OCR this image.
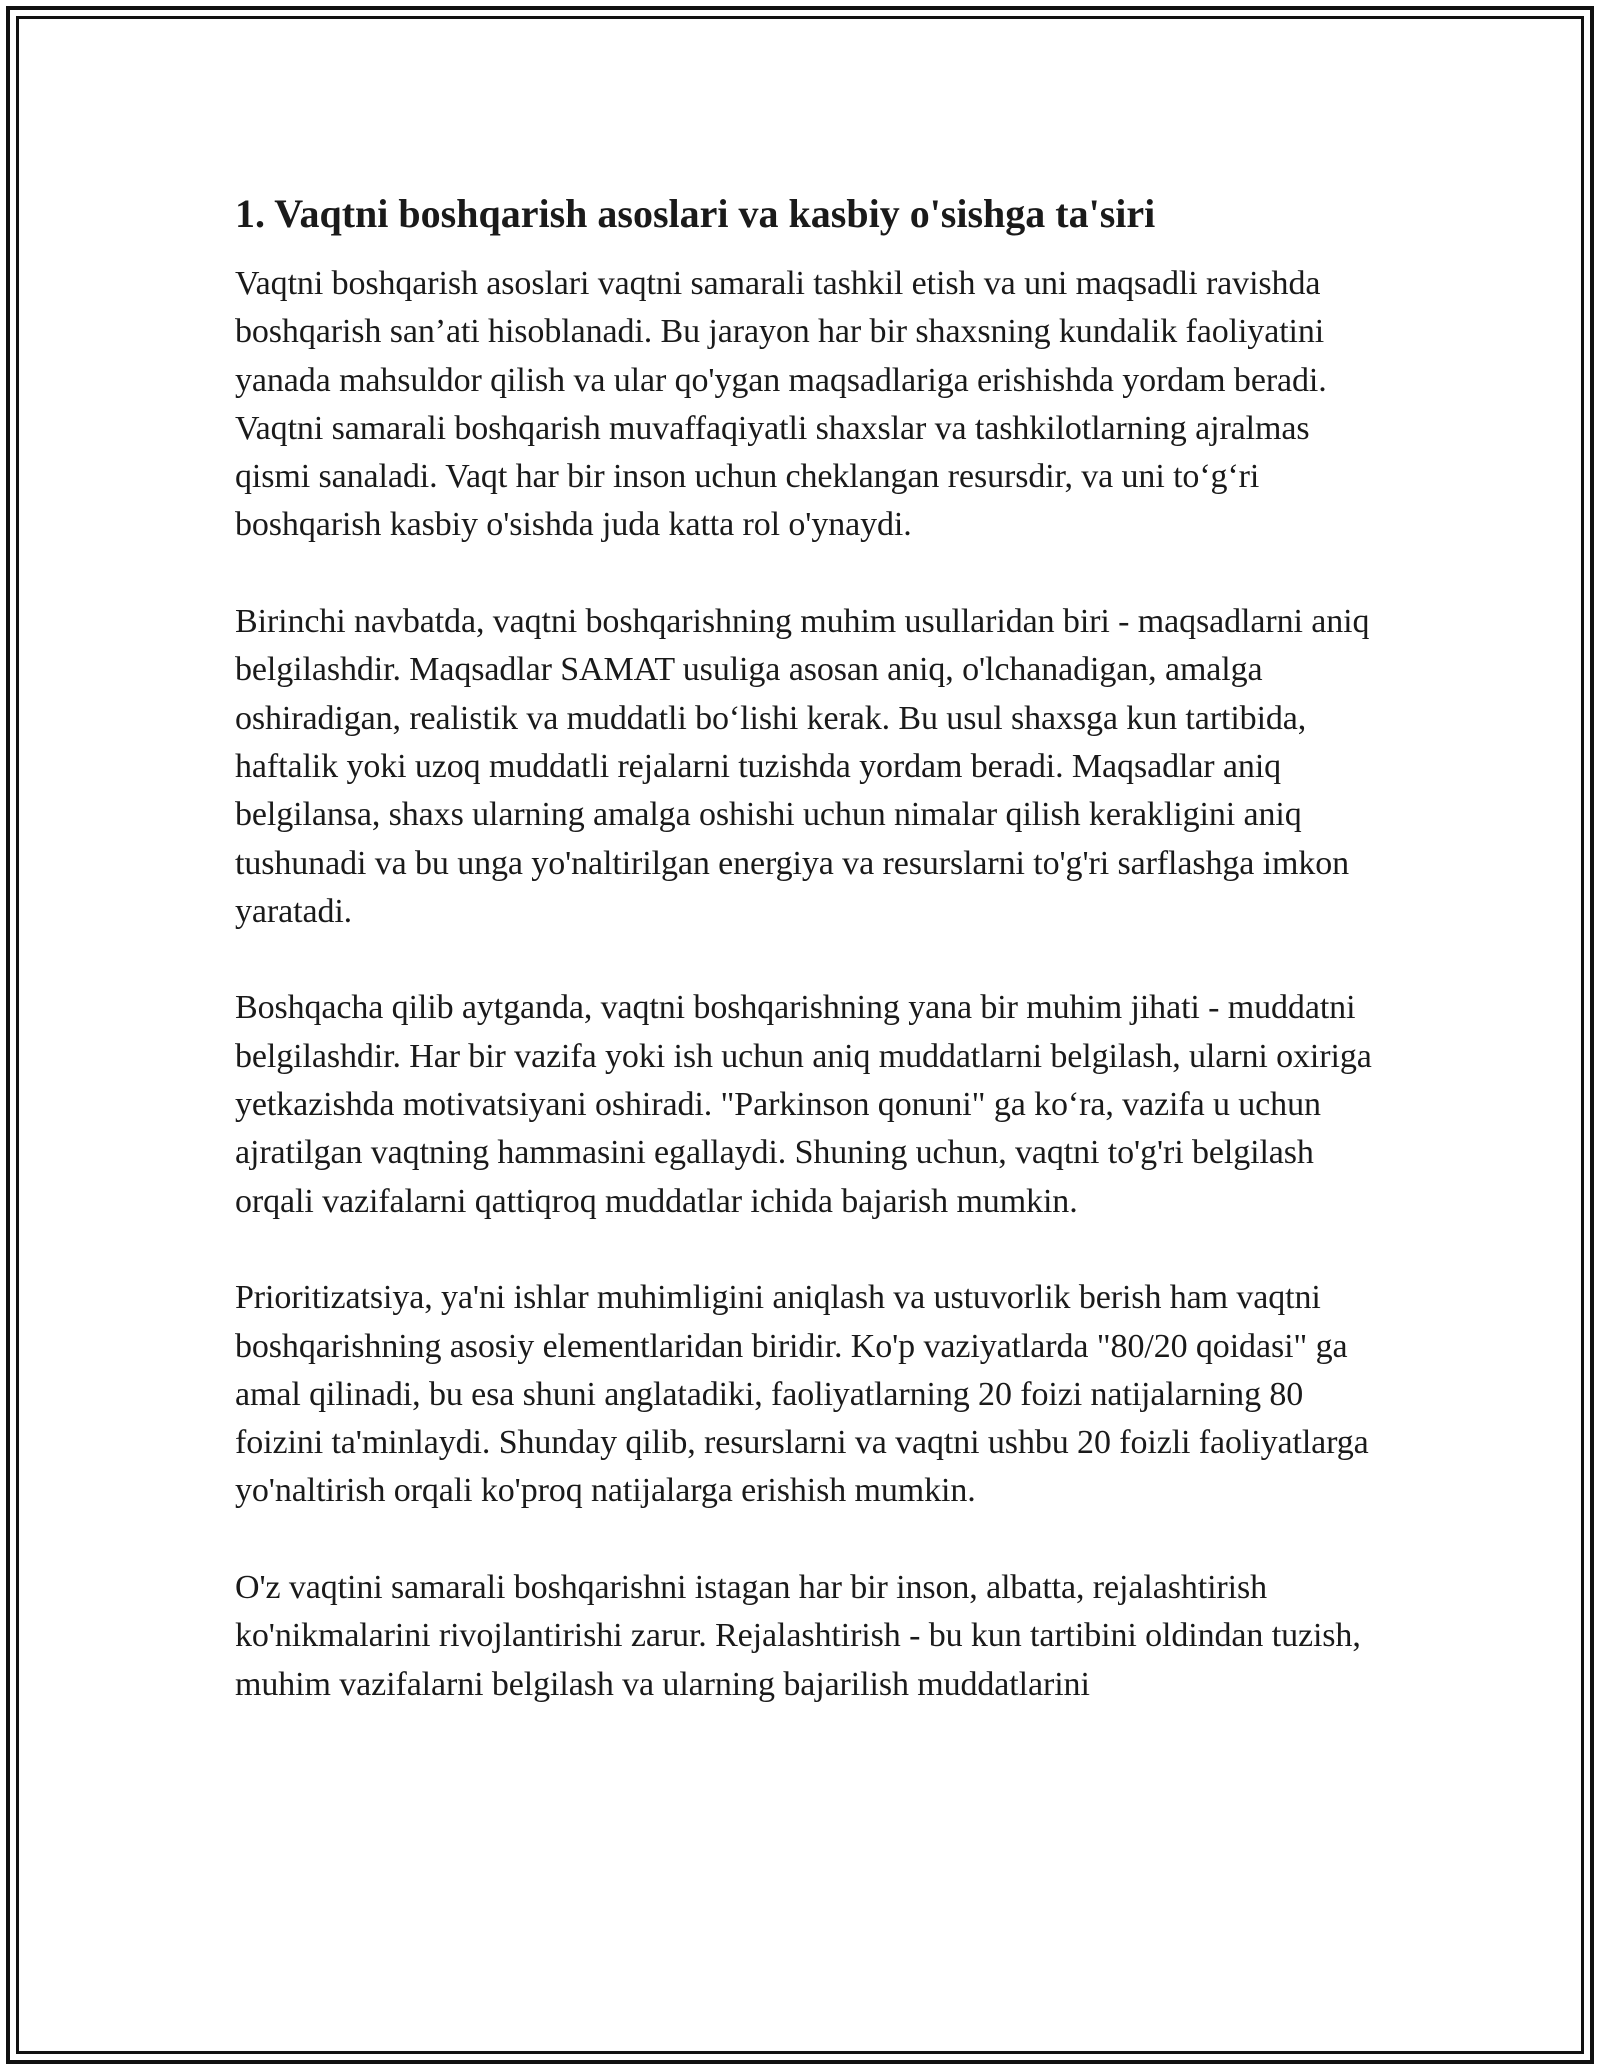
1. Vaqtni boshqarish asoslari va kasbiy o'sishga ta'siri

Vaqtni boshqarish asoslari vaqtni samarali tashkil etish va uni maqsadli ravishda boshqarish san’ati hisoblanadi. Bu jarayon har bir shaxsning kundalik faoliyatini yanada mahsuldor qilish va ular qo'ygan maqsadlariga erishishda yordam beradi. Vaqtni samarali boshqarish muvaffaqiyatli shaxslar va tashkilotlarning ajralmas qismi sanaladi. Vaqt har bir inson uchun cheklangan resursdir, va uni to‘g‘ri boshqarish kasbiy o'sishda juda katta rol o'ynaydi.

Birinchi navbatda, vaqtni boshqarishning muhim usullaridan biri - maqsadlarni aniq belgilashdir. Maqsadlar SAMAT usuliga asosan aniq, o'lchanadigan, amalga oshiradigan, realistik va muddatli bo‘lishi kerak. Bu usul shaxsga kun tartibida, haftalik yoki uzoq muddatli rejalarni tuzishda yordam beradi. Maqsadlar aniq belgilansa, shaxs ularning amalga oshishi uchun nimalar qilish kerakligini aniq tushunadi va bu unga yo'naltirilgan energiya va resurslarni to'g'ri sarflashga imkon yaratadi.

Boshqacha qilib aytganda, vaqtni boshqarishning yana bir muhim jihati - muddatni belgilashdir. Har bir vazifa yoki ish uchun aniq muddatlarni belgilash, ularni oxiriga yetkazishda motivatsiyani oshiradi. "Parkinson qonuni" ga ko‘ra, vazifa u uchun ajratilgan vaqtning hammasini egallaydi. Shuning uchun, vaqtni to'g'ri belgilash orqali vazifalarni qattiqroq muddatlar ichida bajarish mumkin.

Prioritizatsiya, ya'ni ishlar muhimligini aniqlash va ustuvorlik berish ham vaqtni boshqarishning asosiy elementlaridan biridir. Ko'p vaziyatlarda "80/20 qoidasi" ga amal qilinadi, bu esa shuni anglatadiki, faoliyatlarning 20 foizi natijalarning 80 foizini ta'minlaydi. Shunday qilib, resurslarni va vaqtni ushbu 20 foizli faoliyatlarga yo'naltirish orqali ko'proq natijalarga erishish mumkin.

O'z vaqtini samarali boshqarishni istagan har bir inson, albatta, rejalashtirish ko'nikmalarini rivojlantirishi zarur. Rejalashtirish - bu kun tartibini oldindan tuzish, muhim vazifalarni belgilash va ularning bajarilish muddatlarini
